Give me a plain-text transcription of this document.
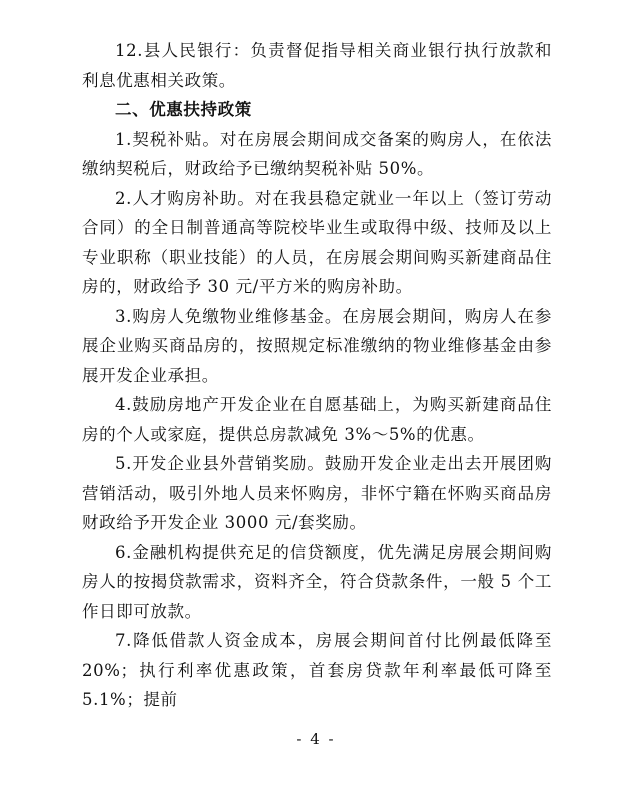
12.县人民银行：负责督促指导相关商业银行执行放款和利息优惠相关政策。

二、优惠扶持政策

1.契税补贴。对在房展会期间成交备案的购房人，在依法缴纳契税后，财政给予已缴纳契税补贴 50%。

2.人才购房补助。对在我县稳定就业一年以上（签订劳动合同）的全日制普通高等院校毕业生或取得中级、技师及以上专业职称（职业技能）的人员，在房展会期间购买新建商品住房的，财政给予 30 元/平方米的购房补助。

3.购房人免缴物业维修基金。在房展会期间，购房人在参展企业购买商品房的，按照规定标准缴纳的物业维修基金由参展开发企业承担。

4.鼓励房地产开发企业在自愿基础上，为购买新建商品住房的个人或家庭，提供总房款减免 3%～5%的优惠。

5.开发企业县外营销奖励。鼓励开发企业走出去开展团购营销活动，吸引外地人员来怀购房，非怀宁籍在怀购买商品房财政给予开发企业 3000 元/套奖励。

6.金融机构提供充足的信贷额度，优先满足房展会期间购房人的按揭贷款需求，资料齐全，符合贷款条件，一般 5 个工作日即可放款。

7.降低借款人资金成本，房展会期间首付比例最低降至 20%；执行利率优惠政策，首套房贷款年利率最低可降至 5.1%；提前

- 4 -
